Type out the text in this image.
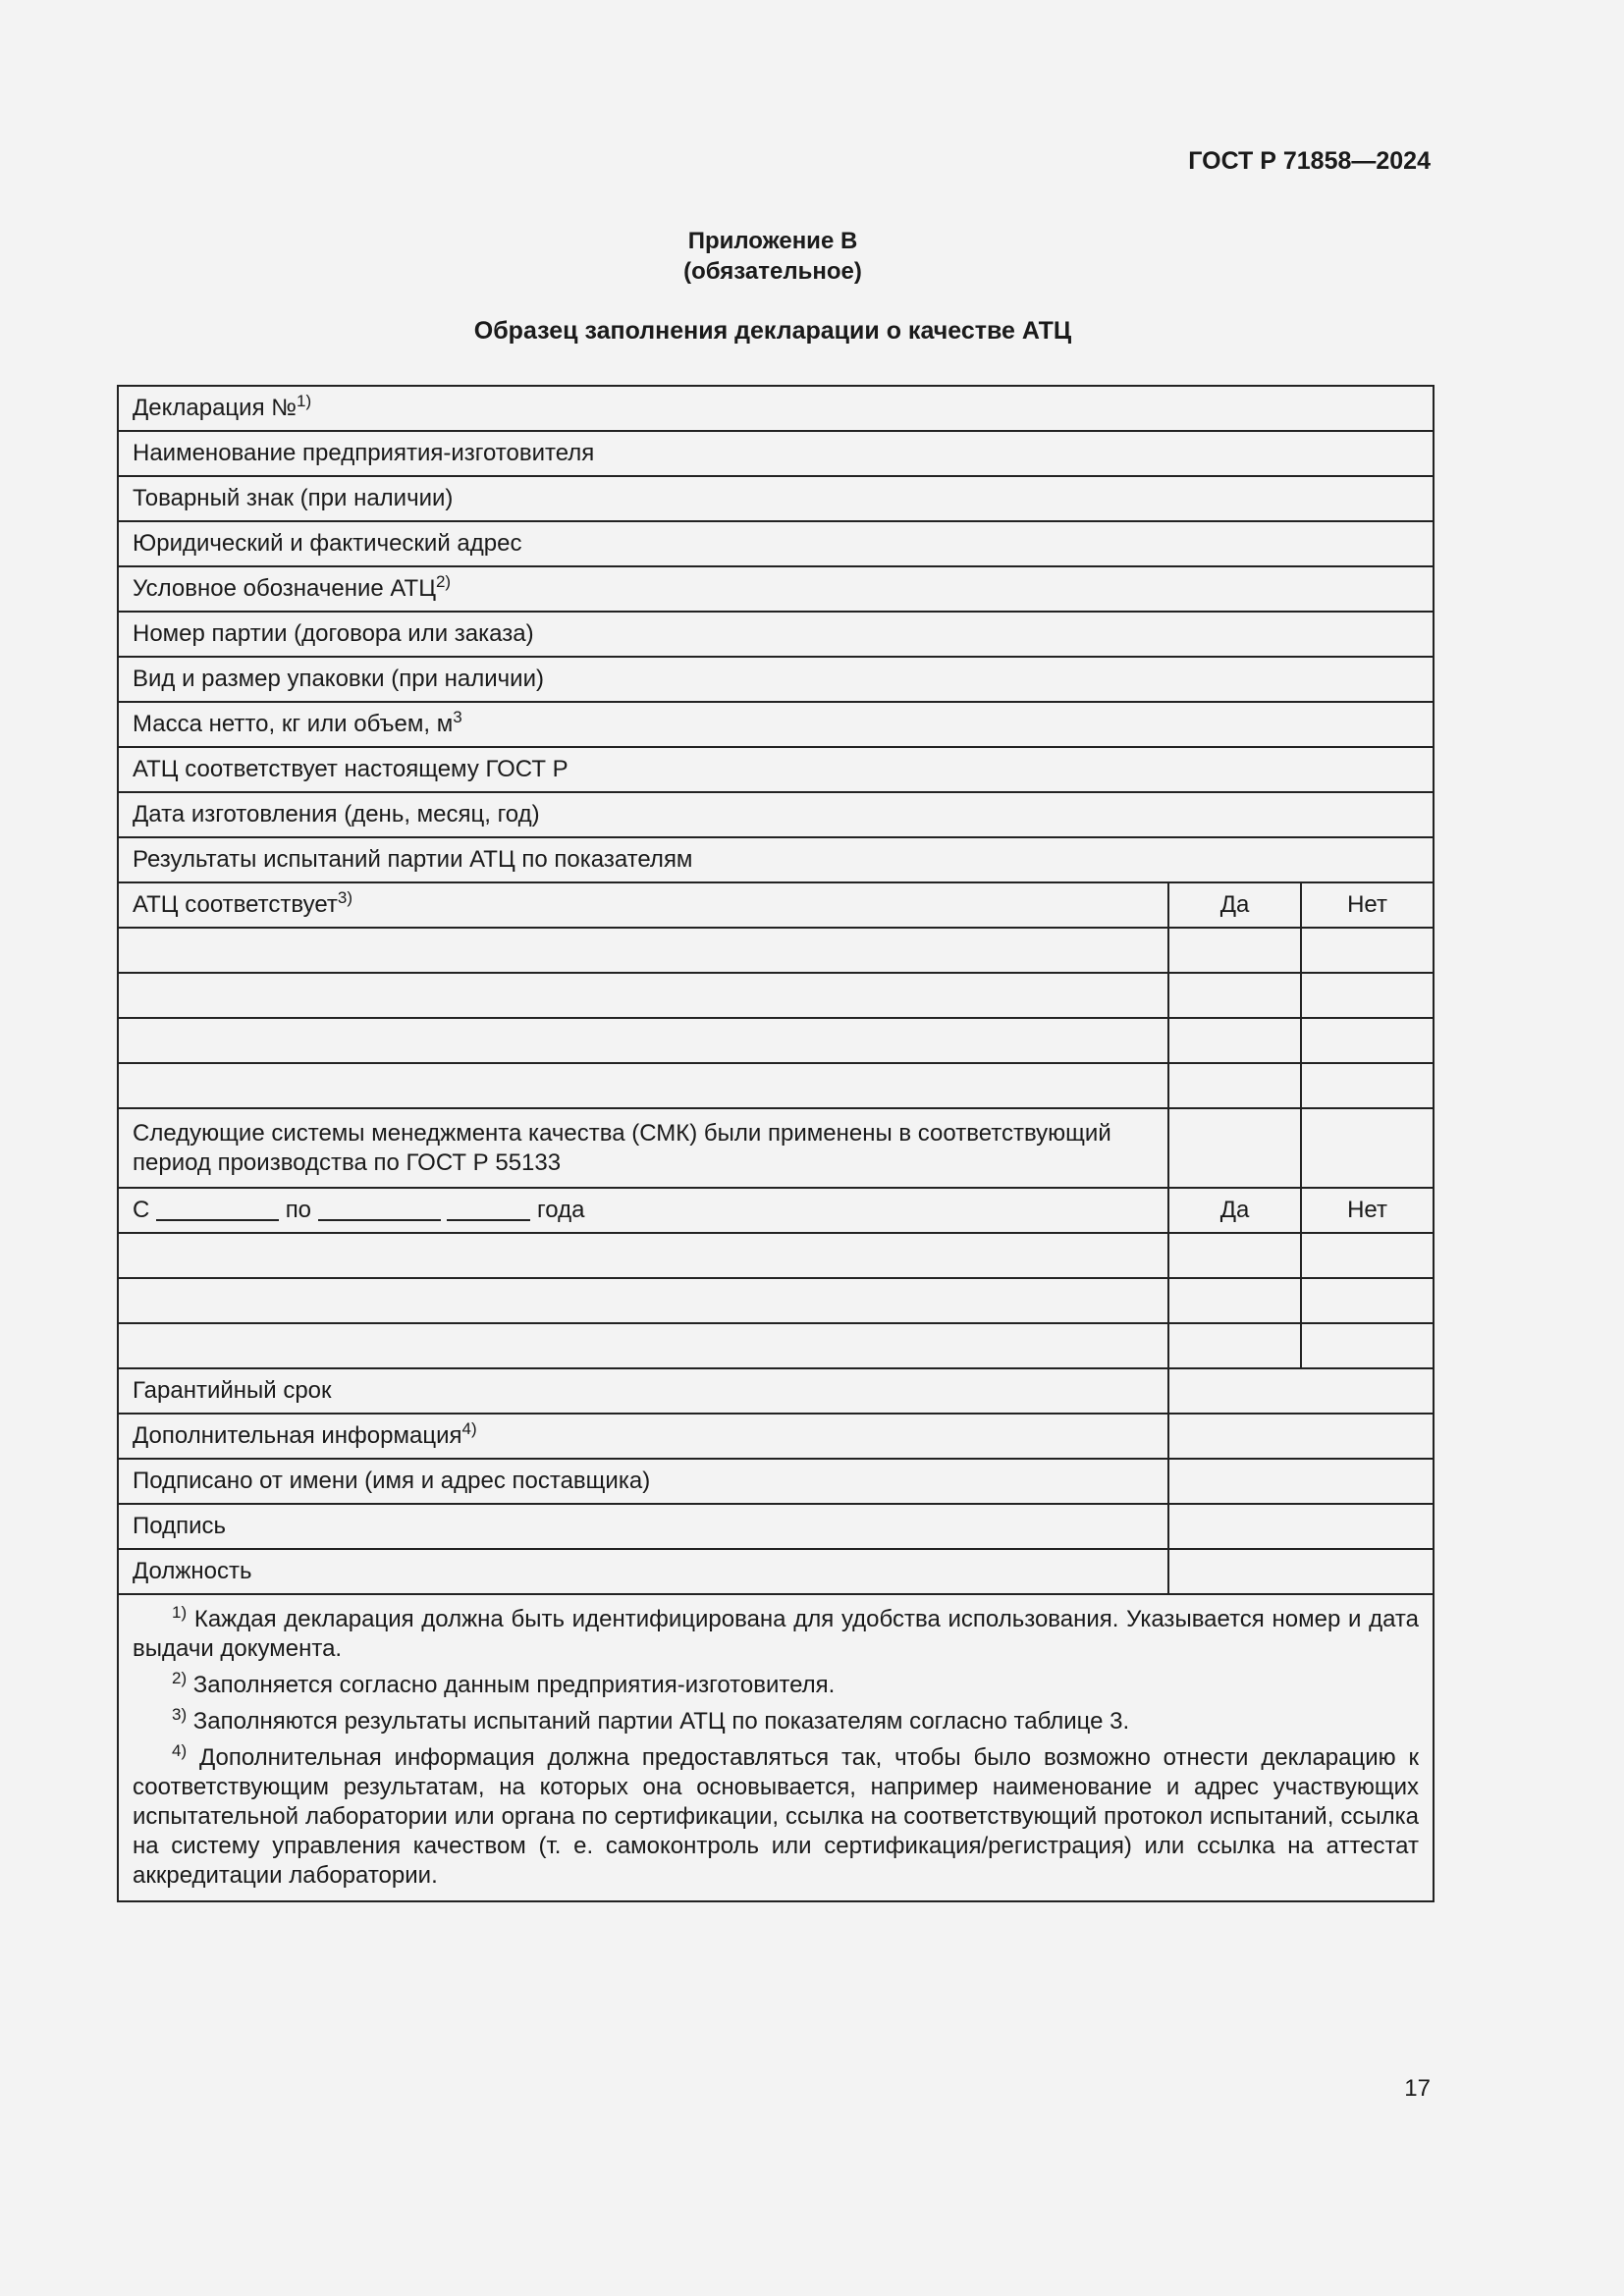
ГОСТ Р 71858—2024
Приложение В
(обязательное)
Образец заполнения декларации о качестве АТЦ
Декларация №$^{1)}$
Наименование предприятия-изготовителя		
Товарный знак (при наличии)		
Юридический и фактический адрес		
Условное обозначение АТЦ$^{2)}$
Номер партии (договора или заказа)		
Вид и размер упаковки (при наличии)		
Масса нетто, кг или объем, $м^3$
АТЦ соответствует настоящему ГОСТ Р		
Дата изготовления (день, месяц, год)		
Результаты испытаний партии АТЦ по показателям		
АТЦ соответствует$^{3)}$	Да	Нет

Следующие системы менеджмента качества (СМК) были применены в соответствующий период производства по ГОСТ Р 55133		
С по года	Да	Нет

Гарантийный срок		
Дополнительная информация$^{4)}$	
Подписано от имени (имя и адрес поставщика)		
Подпись		
Должность		

$^{1)}$ Каждая декларация должна быть идентифицирована для удобства использования. Указывается номер и дата выдачи документа.
$^{2)}$ Заполняется согласно данным предприятия-изготовителя.
$^{3)}$ Заполняются результаты испытаний партии АТЦ по показателям согласно таблице 3.
$^{4)}$ Дополнительная информация должна предоставляться так, чтобы было возможно отнести декларацию к соответствующим результатам, на которых она основывается, например наименование и адрес участвующих испытательной лаборатории или органа по сертификации, ссылка на соответствующий протокол испытаний, ссылка на систему управления качеством (т. е. самоконтроль или сертификация/регистрация) или ссылка на аттестат аккредитации лаборатории.		
17
